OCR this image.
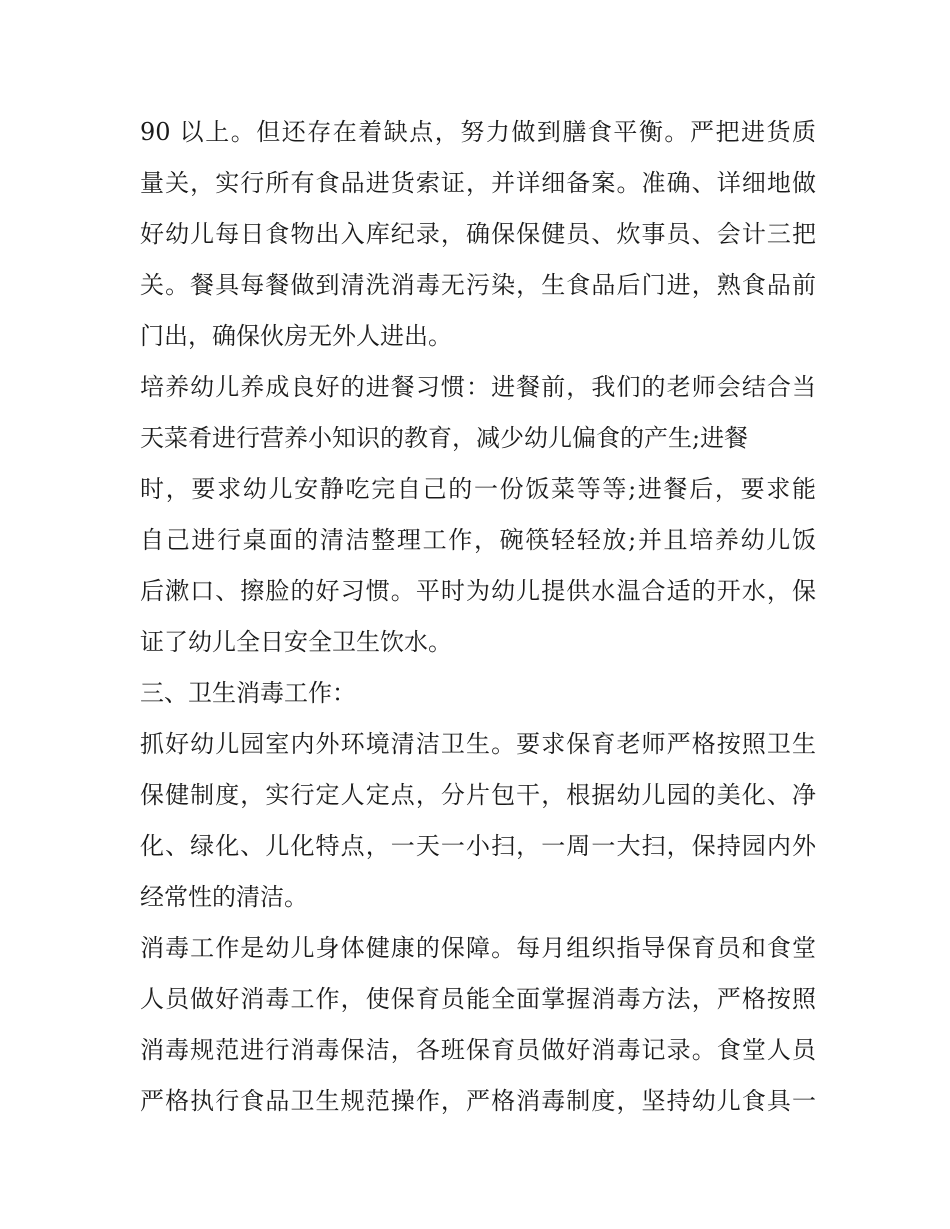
90 以上。但还存在着缺点，努力做到膳食平衡。严把进货质
量关，实行所有食品进货索证，并详细备案。准确、详细地做
好幼儿每日食物出入库纪录，确保保健员、炊事员、会计三把
关。餐具每餐做到清洗消毒无污染，生食品后门进，熟食品前
门出，确保伙房无外人进出。
培养幼儿养成良好的进餐习惯：进餐前，我们的老师会结合当
天菜肴进行营养小知识的教育，减少幼儿偏食的产生;进餐
时，要求幼儿安静吃完自己的一份饭菜等等;进餐后，要求能
自己进行桌面的清洁整理工作，碗筷轻轻放;并且培养幼儿饭
后漱口、擦脸的好习惯。平时为幼儿提供水温合适的开水，保
证了幼儿全日安全卫生饮水。
三、卫生消毒工作：
抓好幼儿园室内外环境清洁卫生。要求保育老师严格按照卫生
保健制度，实行定人定点，分片包干，根据幼儿园的美化、净
化、绿化、儿化特点，一天一小扫，一周一大扫，保持园内外
经常性的清洁。
消毒工作是幼儿身体健康的保障。每月组织指导保育员和食堂
人员做好消毒工作，使保育员能全面掌握消毒方法，严格按照
消毒规范进行消毒保洁，各班保育员做好消毒记录。食堂人员
严格执行食品卫生规范操作，严格消毒制度，坚持幼儿食具一
